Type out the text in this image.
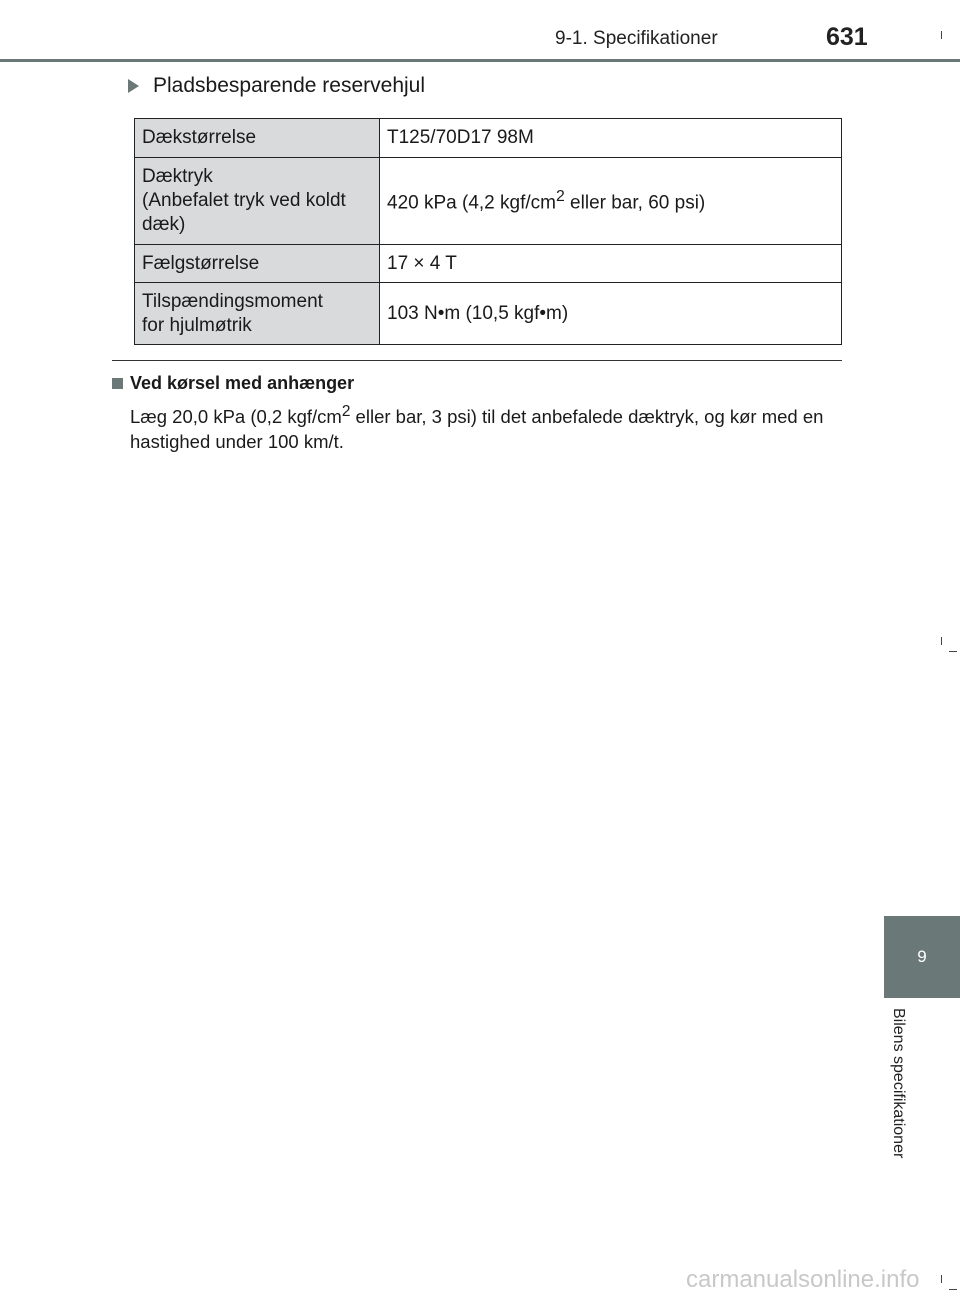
9-1. Specifikationer	631
Pladsbesparende reservehjul
Dækstørrelse	T125/70D17 98M
Dæktryk
(Anbefalet tryk ved koldt
dæk)	420 kPa (4,2 kgf/$cm^2$ eller bar, 60 psi)
Fælgstørrelse	17 × 4 T
Tilspændingsmoment
for hjulmøtrik	103 N•m (10,5 kgf•m)
Ved kørsel med anhænger
Læg 20,0 kPa (0,2 kgf/$cm^2$ eller bar, 3 psi) til det anbefalede dæktryk, og kør med en hastighed under 100 km/t.
9
Bilens specifikationer
carmanualsonline.info
